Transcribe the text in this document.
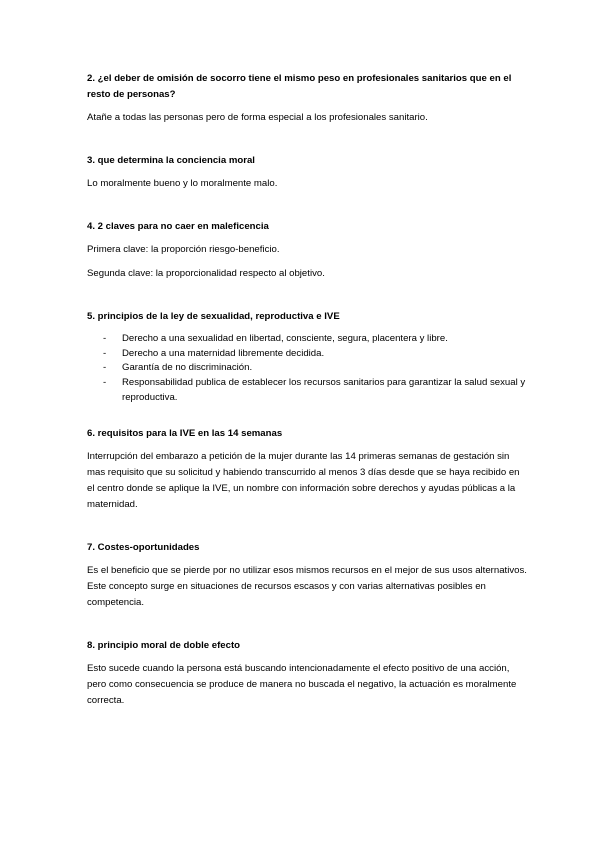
2. ¿el deber de omisión de socorro tiene el mismo peso en profesionales sanitarios que en el resto de personas?

Atañe a todas las personas pero de forma especial a los profesionales sanitario.

3. que determina la conciencia moral

Lo moralmente bueno y lo moralmente malo.

4. 2 claves para no caer en maleficencia

Primera clave: la proporción riesgo-beneficio.

Segunda clave: la proporcionalidad respecto al objetivo.

5. principios de la ley de sexualidad, reproductiva e IVE

- Derecho a una sexualidad en libertad, consciente, segura, placentera y libre.
- Derecho a una maternidad libremente decidida.
- Garantía de no discriminación.
- Responsabilidad publica de establecer los recursos sanitarios para garantizar la salud sexual y reproductiva.

6. requisitos para la IVE en las 14 semanas

Interrupción del embarazo a petición de la mujer durante las 14 primeras semanas de gestación sin mas requisito que su solicitud y habiendo transcurrido al menos 3 días desde que se haya recibido en el centro donde se aplique la IVE, un nombre con información sobre derechos y ayudas públicas a la maternidad.

7. Costes-oportunidades

Es el beneficio que se pierde por no utilizar esos mismos recursos en el mejor de sus usos alternativos. Este concepto surge en situaciones de recursos escasos y con varias alternativas posibles en competencia.

8. principio moral de doble efecto

Esto sucede cuando la persona está buscando intencionadamente el efecto positivo de una acción, pero como consecuencia se produce de manera no buscada el negativo, la actuación es moralmente correcta.
